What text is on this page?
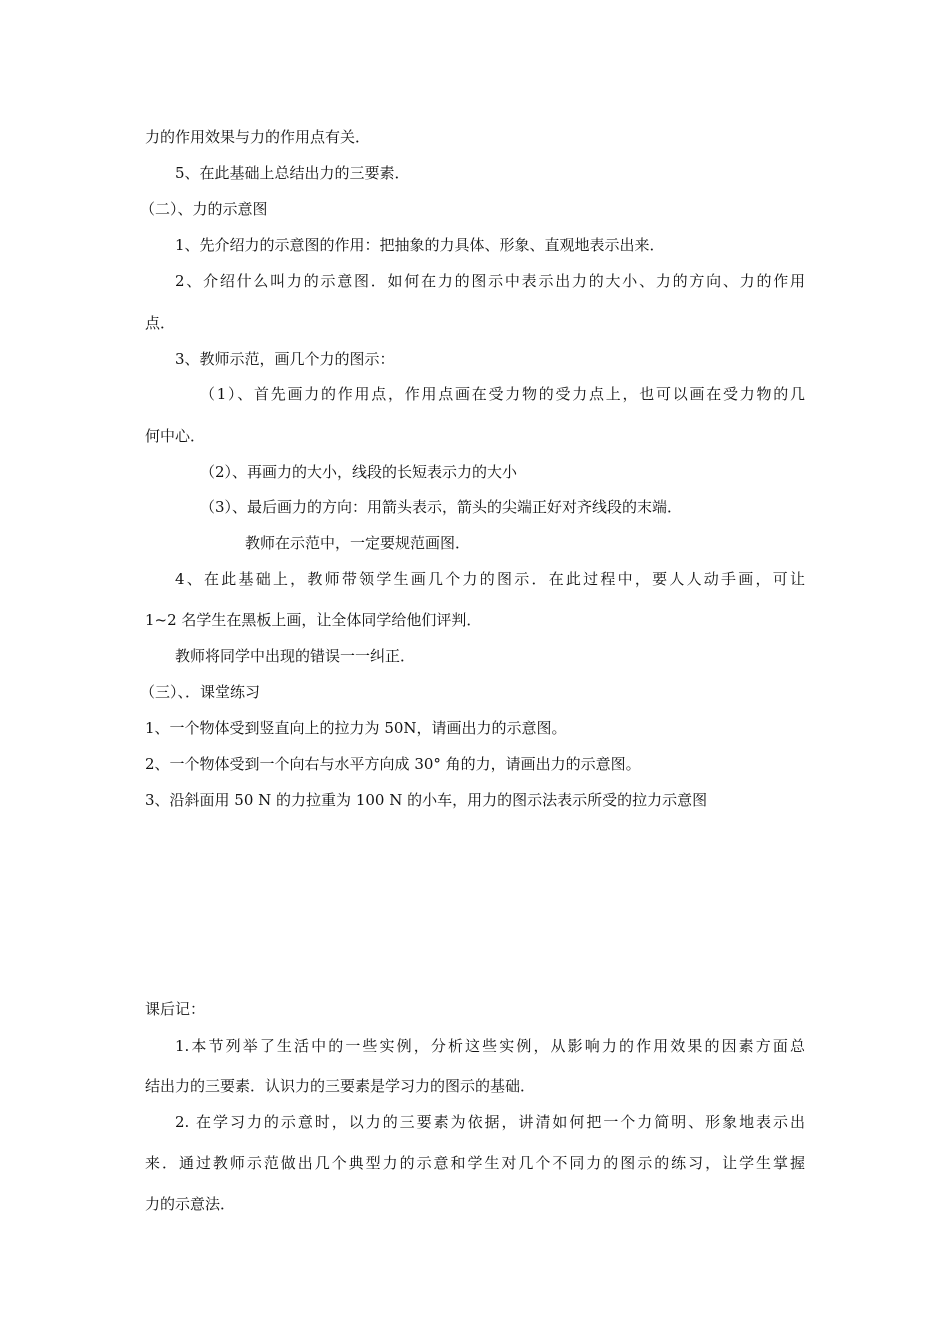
力的作用效果与力的作用点有关．
5、在此基础上总结出力的三要素．
（二）、力的示意图
1、先介绍力的示意图的作用：把抽象的力具体、形象、直观地表示出来．
2、介绍什么叫力的示意图．如何在力的图示中表示出力的大小、力的方向、力的作用
点．
3、教师示范，画几个力的图示：
（1）、首先画力的作用点，作用点画在受力物的受力点上，也可以画在受力物的几
何中心．
（2）、再画力的大小，线段的长短表示力的大小
（3）、最后画力的方向：用箭头表示，箭头的尖端正好对齐线段的末端．
教师在示范中，一定要规范画图．
4、在此基础上，教师带领学生画几个力的图示．在此过程中，要人人动手画，可让
1~2 名学生在黑板上画，让全体同学给他们评判．
教师将同学中出现的错误一一纠正．
（三）、．课堂练习
1、一个物体受到竖直向上的拉力为 50N，请画出力的示意图。
2、一个物体受到一个向右与水平方向成 30° 角的力，请画出力的示意图。
3、沿斜面用 50 N 的力拉重为 100 N 的小车，用力的图示法表示所受的拉力示意图
课后记：
1.本节列举了生活中的一些实例，分析这些实例，从影响力的作用效果的因素方面总
结出力的三要素．认识力的三要素是学习力的图示的基础．
2. 在学习力的示意时，以力的三要素为依据，讲清如何把一个力简明、形象地表示出
来．通过教师示范做出几个典型力的示意和学生对几个不同力的图示的练习，让学生掌握
力的示意法．
